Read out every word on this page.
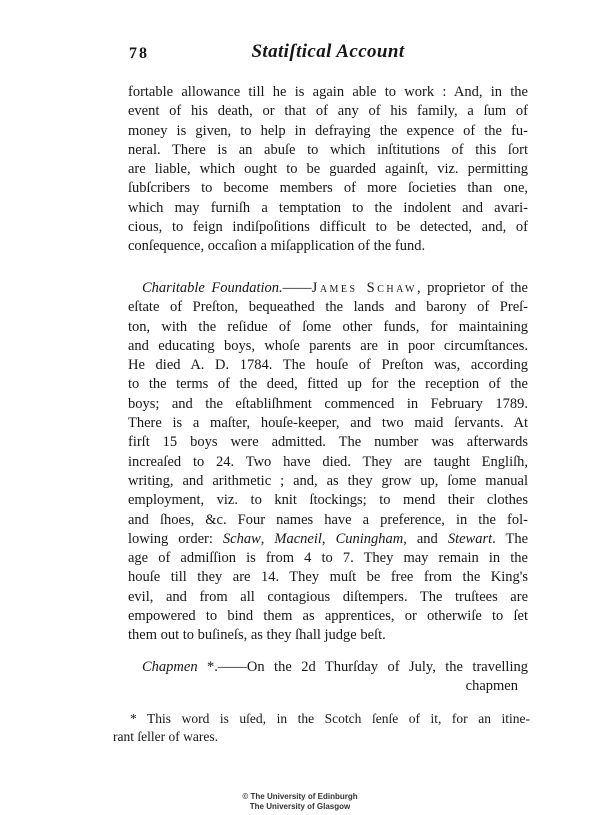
78	Statiſtical Account
fortable allowance till he is again able to work : And, in the
event of his death, or that of any of his family, a ſum of
money is given, to help in defraying the expence of the fu-
neral. There is an abuſe to which inſtitutions of this ſort
are liable, which ought to be guarded againſt, viz. permitting
ſubſcribers to become members of more ſocieties than one,
which may furniſh a temptation to the indolent and avari-
cious, to feign indiſpoſitions difficult to be detected, and, of
conſequence, occaſion a miſapplication of the fund.
Charitable Foundation.——James Schaw, proprietor of the
eſtate of Preſton, bequeathed the lands and barony of Preſ-
ton, with the reſidue of ſome other funds, for maintaining
and educating boys, whoſe parents are in poor circumſtances.
He died A. D. 1784. The houſe of Preſton was, according
to the terms of the deed, fitted up for the reception of the
boys; and the eſtabliſhment commenced in February 1789.
There is a maſter, houſe-keeper, and two maid ſervants. At
firſt 15 boys were admitted. The number was afterwards
increaſed to 24. Two have died. They are taught Engliſh,
writing, and arithmetic ; and, as they grow up, ſome manual
employment, viz. to knit ſtockings; to mend their clothes
and ſhoes, &c. Four names have a preference, in the fol-
lowing order: Schaw, Macneil, Cuningham, and Stewart. The
age of admiſſion is from 4 to 7. They may remain in the
houſe till they are 14. They muſt be free from the King's
evil, and from all contagious diſtempers. The truſtees are
empowered to bind them as apprentices, or otherwiſe to ſet
them out to buſineſs, as they ſhall judge beſt.
Chapmen *.——On the 2d Thurſday of July, the travelling
chapmen
* This word is uſed, in the Scotch ſenſe of it, for an itine-
rant ſeller of wares.
© The University of Edinburgh
The University of Glasgow
